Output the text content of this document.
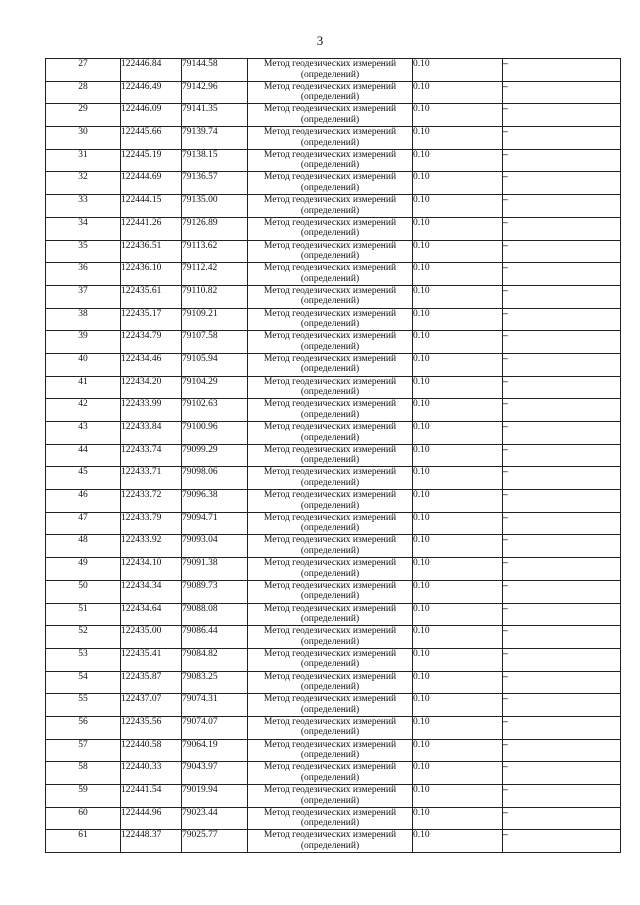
3
27	122446.84	79144.58	Метод геодезических измерений (определений)	0.10	–
28	122446.49	79142.96	Метод геодезических измерений (определений)	0.10	–
29	122446.09	79141.35	Метод геодезических измерений (определений)	0.10	–
30	122445.66	79139.74	Метод геодезических измерений (определений)	0.10	–
31	122445.19	79138.15	Метод геодезических измерений (определений)	0.10	–
32	122444.69	79136.57	Метод геодезических измерений (определений)	0.10	–
33	122444.15	79135.00	Метод геодезических измерений (определений)	0.10	–
34	122441.26	79126.89	Метод геодезических измерений (определений)	0.10	–
35	122436.51	79113.62	Метод геодезических измерений (определений)	0.10	–
36	122436.10	79112.42	Метод геодезических измерений (определений)	0.10	–
37	122435.61	79110.82	Метод геодезических измерений (определений)	0.10	–
38	122435.17	79109.21	Метод геодезических измерений (определений)	0.10	–
39	122434.79	79107.58	Метод геодезических измерений (определений)	0.10	–
40	122434.46	79105.94	Метод геодезических измерений (определений)	0.10	–
41	122434.20	79104.29	Метод геодезических измерений (определений)	0.10	–
42	122433.99	79102.63	Метод геодезических измерений (определений)	0.10	–
43	122433.84	79100.96	Метод геодезических измерений (определений)	0.10	–
44	122433.74	79099.29	Метод геодезических измерений (определений)	0.10	–
45	122433.71	79098.06	Метод геодезических измерений (определений)	0.10	–
46	122433.72	79096.38	Метод геодезических измерений (определений)	0.10	–
47	122433.79	79094.71	Метод геодезических измерений (определений)	0.10	–
48	122433.92	79093.04	Метод геодезических измерений (определений)	0.10	–
49	122434.10	79091.38	Метод геодезических измерений (определений)	0.10	–
50	122434.34	79089.73	Метод геодезических измерений (определений)	0.10	–
51	122434.64	79088.08	Метод геодезических измерений (определений)	0.10	–
52	122435.00	79086.44	Метод геодезических измерений (определений)	0.10	–
53	122435.41	79084.82	Метод геодезических измерений (определений)	0.10	–
54	122435.87	79083.25	Метод геодезических измерений (определений)	0.10	–
55	122437.07	79074.31	Метод геодезических измерений (определений)	0.10	–
56	122435.56	79074.07	Метод геодезических измерений (определений)	0.10	–
57	122440.58	79064.19	Метод геодезических измерений (определений)	0.10	–
58	122440.33	79043.97	Метод геодезических измерений (определений)	0.10	–
59	122441.54	79019.94	Метод геодезических измерений (определений)	0.10	–
60	122444.96	79023.44	Метод геодезических измерений (определений)	0.10	–
61	122448.37	79025.77	Метод геодезических измерений (определений)	0.10	–
